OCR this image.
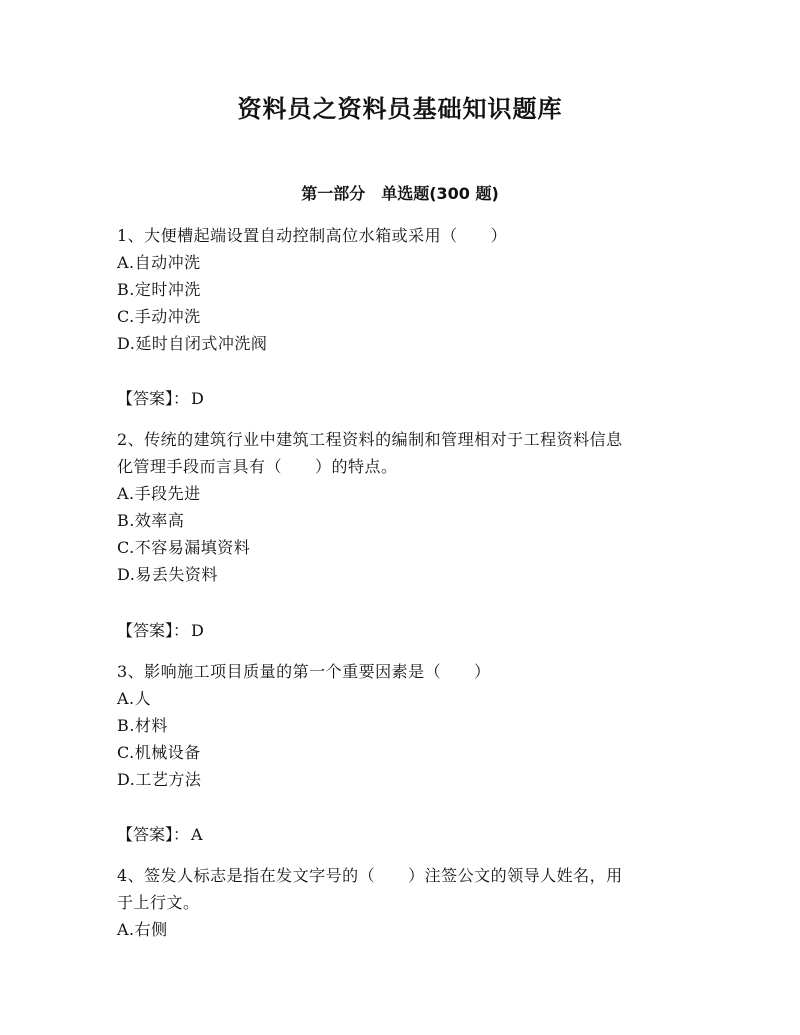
资料员之资料员基础知识题库
第一部分　单选题(300 题)
1、大便槽起端设置自动控制高位水箱或采用（　　）
A.自动冲洗
B.定时冲洗
C.手动冲洗
D.延时自闭式冲洗阀
【答案】： D
2、传统的建筑行业中建筑工程资料的编制和管理相对于工程资料信息
化管理手段而言具有（　　）的特点。
A.手段先进
B.效率高
C.不容易漏填资料
D.易丢失资料
【答案】： D
3、影响施工项目质量的第一个重要因素是（　　）
A.人
B.材料
C.机械设备
D.工艺方法
【答案】： A
4、签发人标志是指在发文字号的（　　）注签公文的领导人姓名，用
于上行文。
A.右侧
